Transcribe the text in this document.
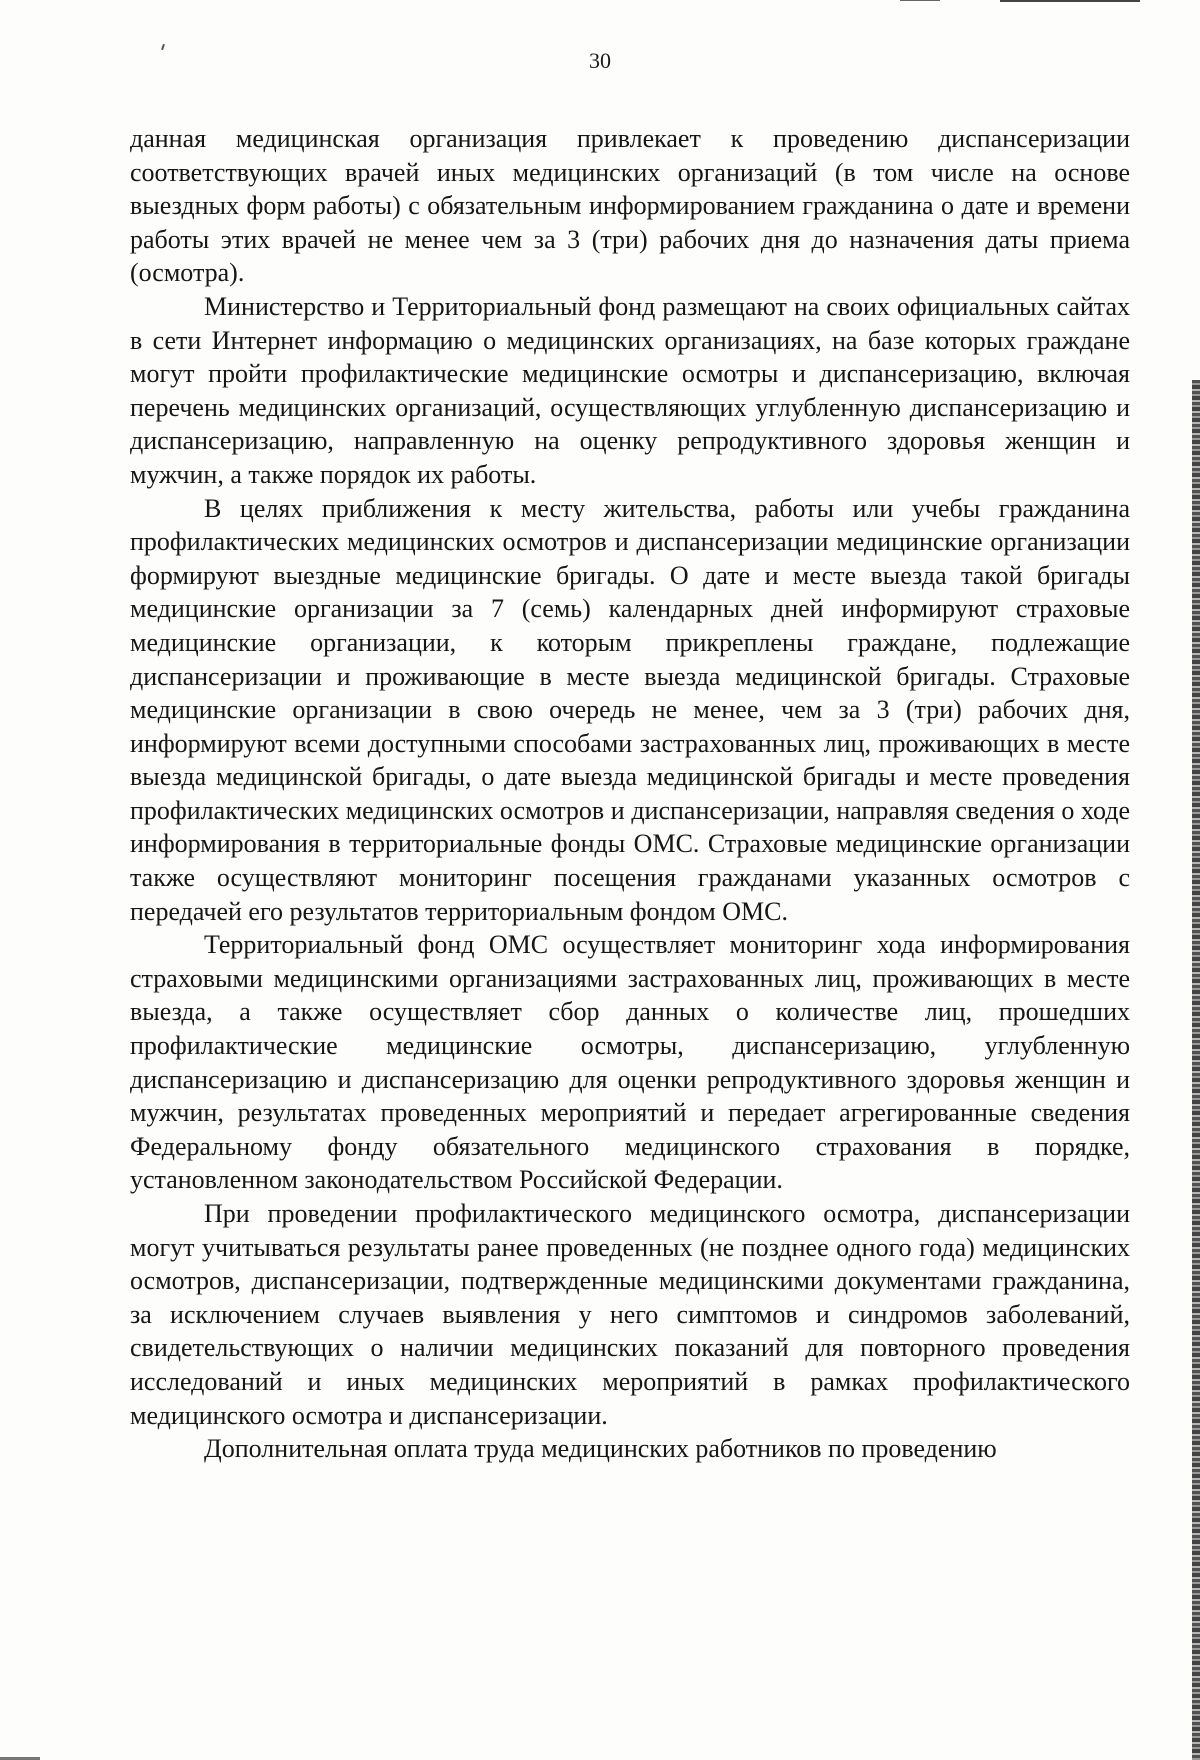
30

данная медицинская организация привлекает к проведению диспансеризации соответствующих врачей иных медицинских организаций (в том числе на основе выездных форм работы) с обязательным информированием гражданина о дате и времени работы этих врачей не менее чем за 3 (три) рабочих дня до назначения даты приема (осмотра).

Министерство и Территориальный фонд размещают на своих официальных сайтах в сети Интернет информацию о медицинских организациях, на базе которых граждане могут пройти профилактические медицинские осмотры и диспансеризацию, включая перечень медицинских организаций, осуществляющих углубленную диспансеризацию и диспансеризацию, направленную на оценку репродуктивного здоровья женщин и мужчин, а также порядок их работы.

В целях приближения к месту жительства, работы или учебы гражданина профилактических медицинских осмотров и диспансеризации медицинские организации формируют выездные медицинские бригады. О дате и месте выезда такой бригады медицинские организации за 7 (семь) календарных дней информируют страховые медицинские организации, к которым прикреплены граждане, подлежащие диспансеризации и проживающие в месте выезда медицинской бригады. Страховые медицинские организации в свою очередь не менее, чем за 3 (три) рабочих дня, информируют всеми доступными способами застрахованных лиц, проживающих в месте выезда медицинской бригады, о дате выезда медицинской бригады и месте проведения профилактических медицинских осмотров и диспансеризации, направляя сведения о ходе информирования в территориальные фонды ОМС. Страховые медицинские организации также осуществляют мониторинг посещения гражданами указанных осмотров с передачей его результатов территориальным фондом ОМС.

Территориальный фонд ОМС осуществляет мониторинг хода информирования страховыми медицинскими организациями застрахованных лиц, проживающих в месте выезда, а также осуществляет сбор данных о количестве лиц, прошедших профилактические медицинские осмотры, диспансеризацию, углубленную диспансеризацию и диспансеризацию для оценки репродуктивного здоровья женщин и мужчин, результатах проведенных мероприятий и передает агрегированные сведения Федеральному фонду обязательного медицинского страхования в порядке, установленном законодательством Российской Федерации.

При проведении профилактического медицинского осмотра, диспансеризации могут учитываться результаты ранее проведенных (не позднее одного года) медицинских осмотров, диспансеризации, подтвержденные медицинскими документами гражданина, за исключением случаев выявления у него симптомов и синдромов заболеваний, свидетельствующих о наличии медицинских показаний для повторного проведения исследований и иных медицинских мероприятий в рамках профилактического медицинского осмотра и диспансеризации.

Дополнительная оплата труда медицинских работников по проведению
